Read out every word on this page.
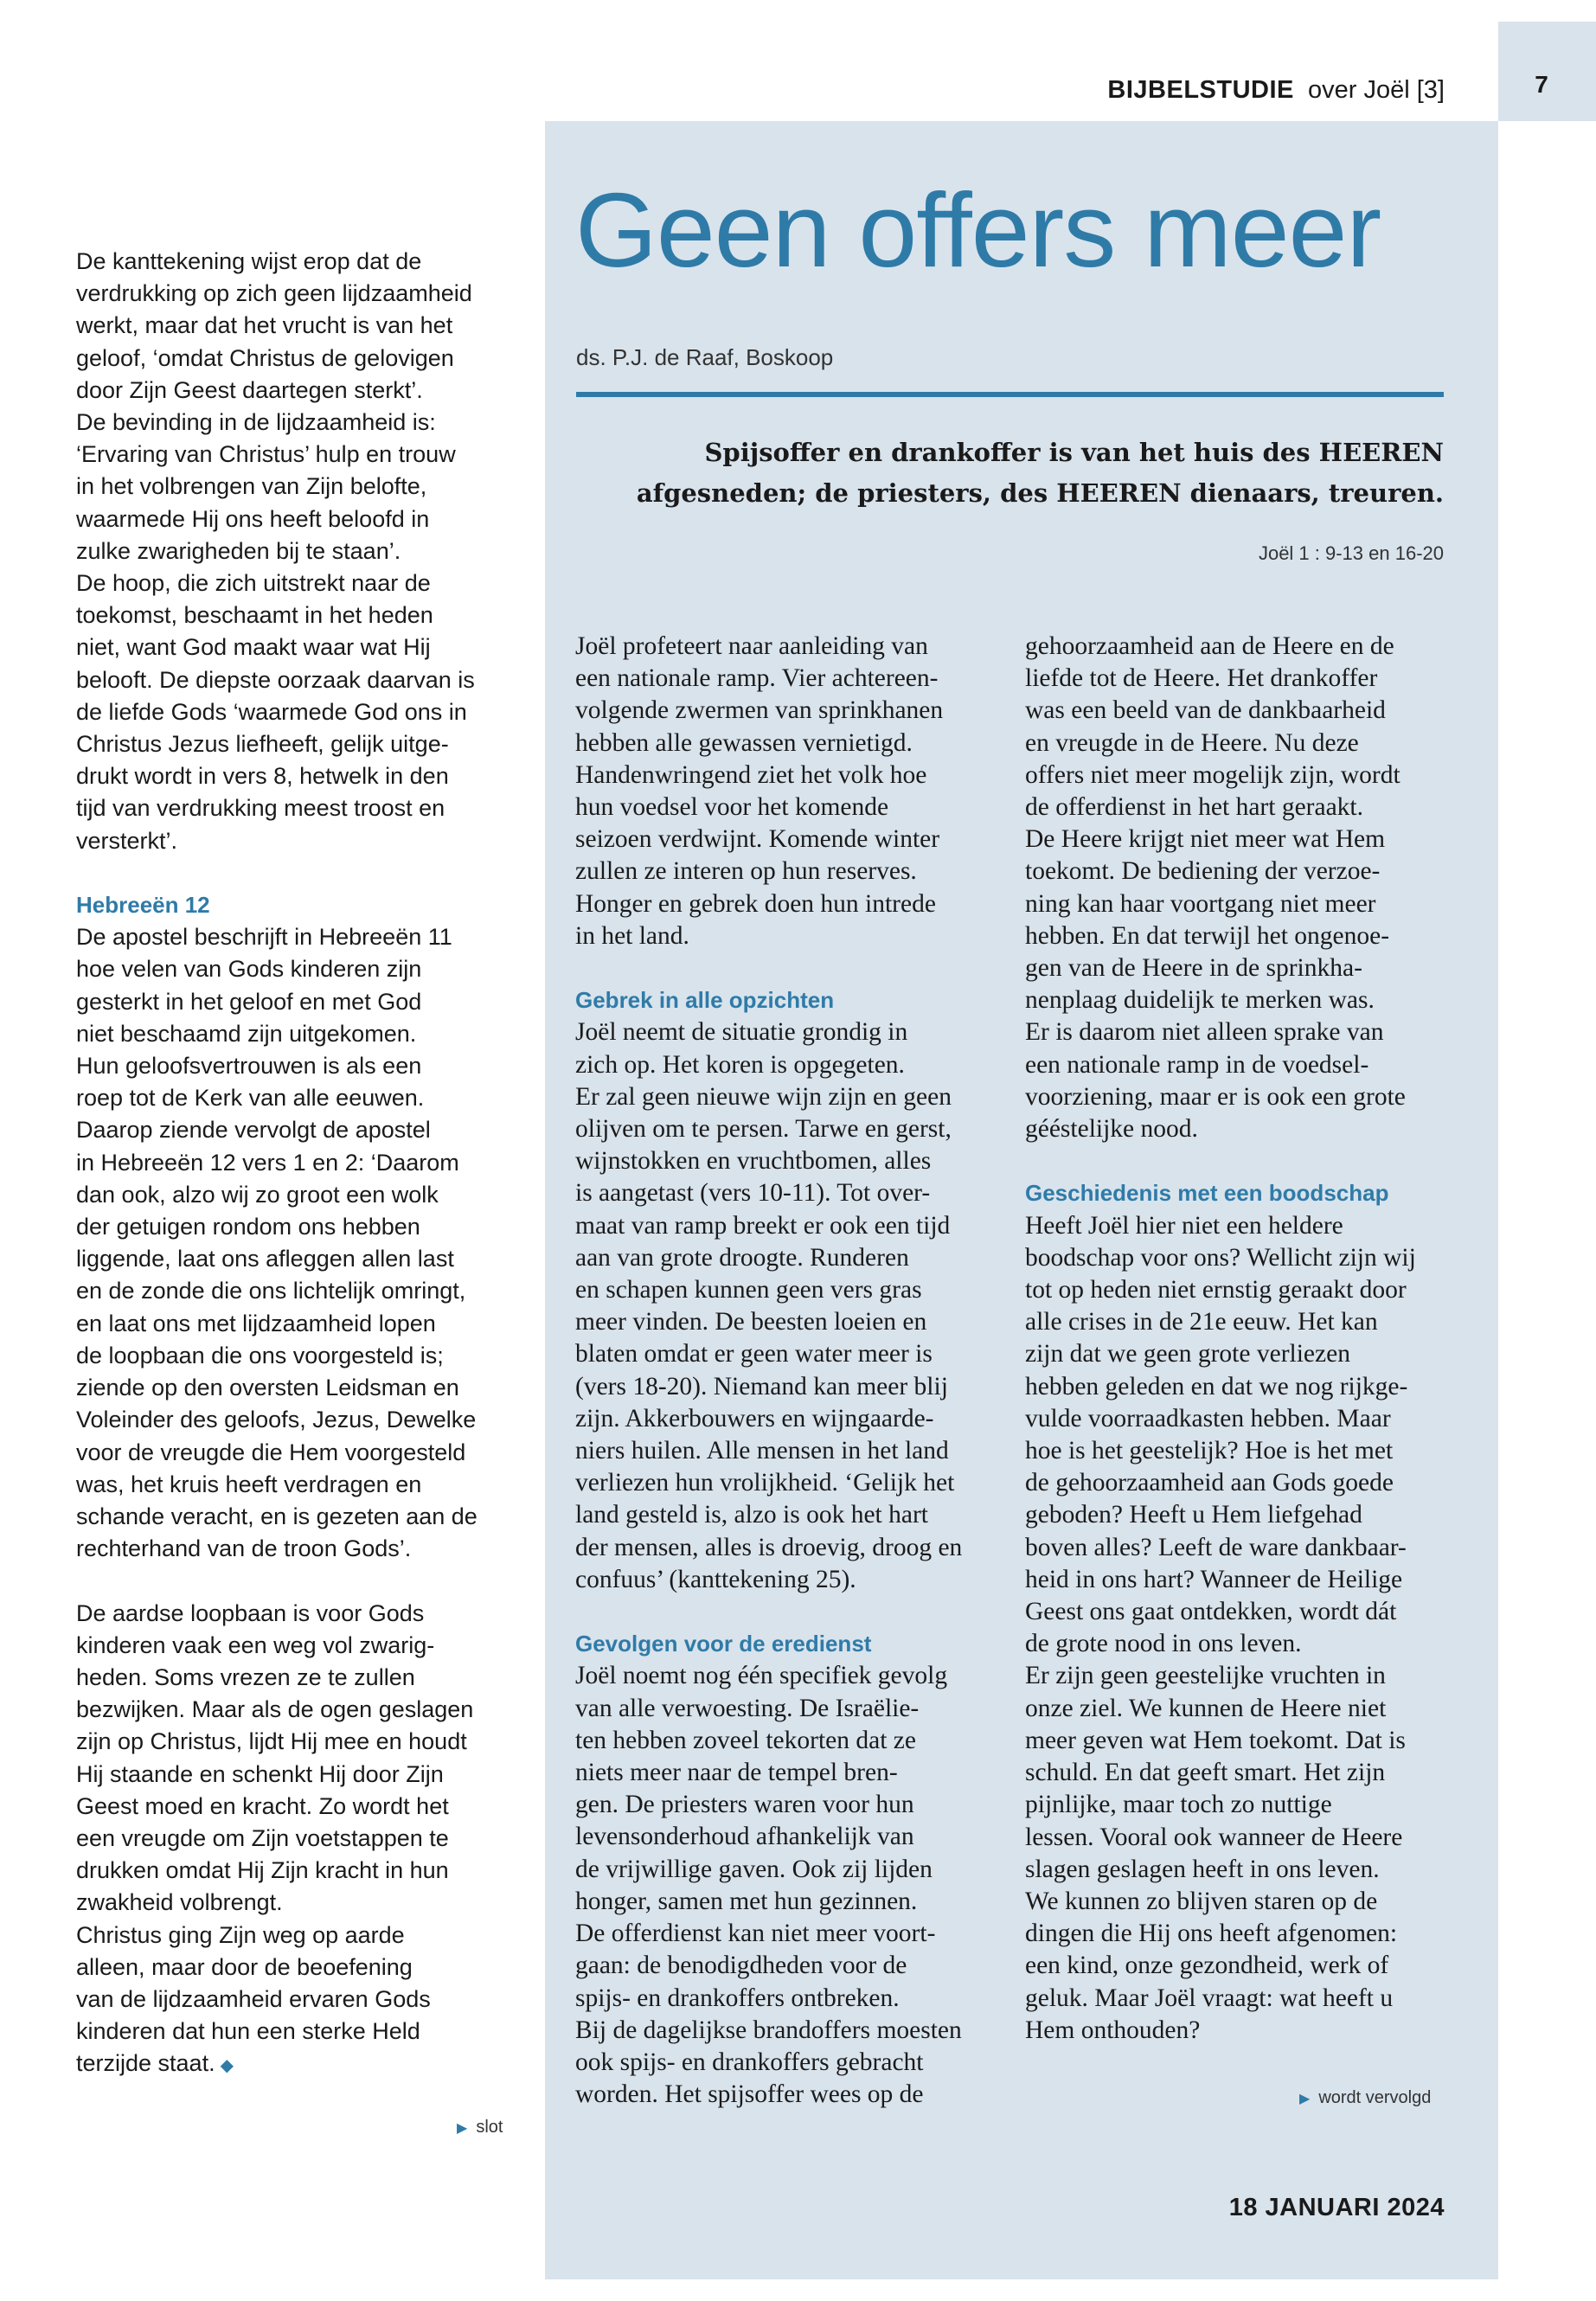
7
BIJBELSTUDIE over Joël [3]
Geen offers meer
ds. P.J. de Raaf, Boskoop
Spijsoffer en drankoffer is van het huis des HEEREN
afgesneden; de priesters, des HEEREN dienaars, treuren.
Joël 1 : 9-13 en 16-20
De kanttekening wijst erop dat de
verdrukking op zich geen lijdzaamheid
werkt, maar dat het vrucht is van het
geloof, ‘omdat Christus de gelovigen
door Zijn Geest daartegen sterkt’.
De bevinding in de lijdzaamheid is:
‘Ervaring van Christus’ hulp en trouw
in het volbrengen van Zijn belofte,
waarmede Hij ons heeft beloofd in
zulke zwarigheden bij te staan’.
De hoop, die zich uitstrekt naar de
toekomst, beschaamt in het heden
niet, want God maakt waar wat Hij
belooft. De diepste oorzaak daarvan is
de liefde Gods ‘waarmede God ons in
Christus Jezus liefheeft, gelijk uitge-
drukt wordt in vers 8, hetwelk in den
tijd van verdrukking meest troost en
versterkt’.
Hebreeën 12
De apostel beschrijft in Hebreeën 11
hoe velen van Gods kinderen zijn
gesterkt in het geloof en met God
niet beschaamd zijn uitgekomen.
Hun geloofsvertrouwen is als een
roep tot de Kerk van alle eeuwen.
Daarop ziende vervolgt de apostel
in Hebreeën 12 vers 1 en 2: ‘Daarom
dan ook, alzo wij zo groot een wolk
der getuigen rondom ons hebben
liggende, laat ons afleggen allen last
en de zonde die ons lichtelijk omringt,
en laat ons met lijdzaamheid lopen
de loopbaan die ons voorgesteld is;
ziende op den oversten Leidsman en
Voleinder des geloofs, Jezus, Dewelke
voor de vreugde die Hem voorgesteld
was, het kruis heeft verdragen en
schande veracht, en is gezeten aan de
rechterhand van de troon Gods’.
De aardse loopbaan is voor Gods
kinderen vaak een weg vol zwarig-
heden. Soms vrezen ze te zullen
bezwijken. Maar als de ogen geslagen
zijn op Christus, lijdt Hij mee en houdt
Hij staande en schenkt Hij door Zijn
Geest moed en kracht. Zo wordt het
een vreugde om Zijn voetstappen te
drukken omdat Hij Zijn kracht in hun
zwakheid volbrengt.
Christus ging Zijn weg op aarde
alleen, maar door de beoefening
van de lijdzaamheid ervaren Gods
kinderen dat hun een sterke Held
terzijde staat. ◆
▶ slot
Joël profeteert naar aanleiding van
een nationale ramp. Vier achtereen-
volgende zwermen van sprinkhanen
hebben alle gewassen vernietigd.
Handenwringend ziet het volk hoe
hun voedsel voor het komende
seizoen verdwijnt. Komende winter
zullen ze interen op hun reserves.
Honger en gebrek doen hun intrede
in het land.
Gebrek in alle opzichten
Joël neemt de situatie grondig in
zich op. Het koren is opgegeten.
Er zal geen nieuwe wijn zijn en geen
olijven om te persen. Tarwe en gerst,
wijnstokken en vruchtbomen, alles
is aangetast (vers 10-11). Tot over-
maat van ramp breekt er ook een tijd
aan van grote droogte. Runderen
en schapen kunnen geen vers gras
meer vinden. De beesten loeien en
blaten omdat er geen water meer is
(vers 18-20). Niemand kan meer blij
zijn. Akkerbouwers en wijngaarde-
niers huilen. Alle mensen in het land
verliezen hun vrolijkheid. ‘Gelijk het
land gesteld is, alzo is ook het hart
der mensen, alles is droevig, droog en
confuus’ (kanttekening 25).
Gevolgen voor de eredienst
Joël noemt nog één specifiek gevolg
van alle verwoesting. De Israëlie-
ten hebben zoveel tekorten dat ze
niets meer naar de tempel bren-
gen. De priesters waren voor hun
levensonderhoud afhankelijk van
de vrijwillige gaven. Ook zij lijden
honger, samen met hun gezinnen.
De offerdienst kan niet meer voort-
gaan: de benodigdheden voor de
spijs- en drankoffers ontbreken.
Bij de dagelijkse brandoffers moesten
ook spijs- en drankoffers gebracht
worden. Het spijsoffer wees op de
gehoorzaamheid aan de Heere en de
liefde tot de Heere. Het drankoffer
was een beeld van de dankbaarheid
en vreugde in de Heere. Nu deze
offers niet meer mogelijk zijn, wordt
de offerdienst in het hart geraakt.
De Heere krijgt niet meer wat Hem
toekomt. De bediening der verzoe-
ning kan haar voortgang niet meer
hebben. En dat terwijl het ongenoe-
gen van de Heere in de sprinkha-
nenplaag duidelijk te merken was.
Er is daarom niet alleen sprake van
een nationale ramp in de voedsel-
voorziening, maar er is ook een grote
gééstelijke nood.
Geschiedenis met een boodschap
Heeft Joël hier niet een heldere
boodschap voor ons? Wellicht zijn wij
tot op heden niet ernstig geraakt door
alle crises in de 21e eeuw. Het kan
zijn dat we geen grote verliezen
hebben geleden en dat we nog rijkge-
vulde voorraadkasten hebben. Maar
hoe is het geestelijk? Hoe is het met
de gehoorzaamheid aan Gods goede
geboden? Heeft u Hem liefgehad
boven alles? Leeft de ware dankbaar-
heid in ons hart? Wanneer de Heilige
Geest ons gaat ontdekken, wordt dát
de grote nood in ons leven.
Er zijn geen geestelijke vruchten in
onze ziel. We kunnen de Heere niet
meer geven wat Hem toekomt. Dat is
schuld. En dat geeft smart. Het zijn
pijnlijke, maar toch zo nuttige
lessen. Vooral ook wanneer de Heere
slagen geslagen heeft in ons leven.
We kunnen zo blijven staren op de
dingen die Hij ons heeft afgenomen:
een kind, onze gezondheid, werk of
geluk. Maar Joël vraagt: wat heeft u
Hem onthouden?
▶ wordt vervolgd
18 JANUARI 2024
